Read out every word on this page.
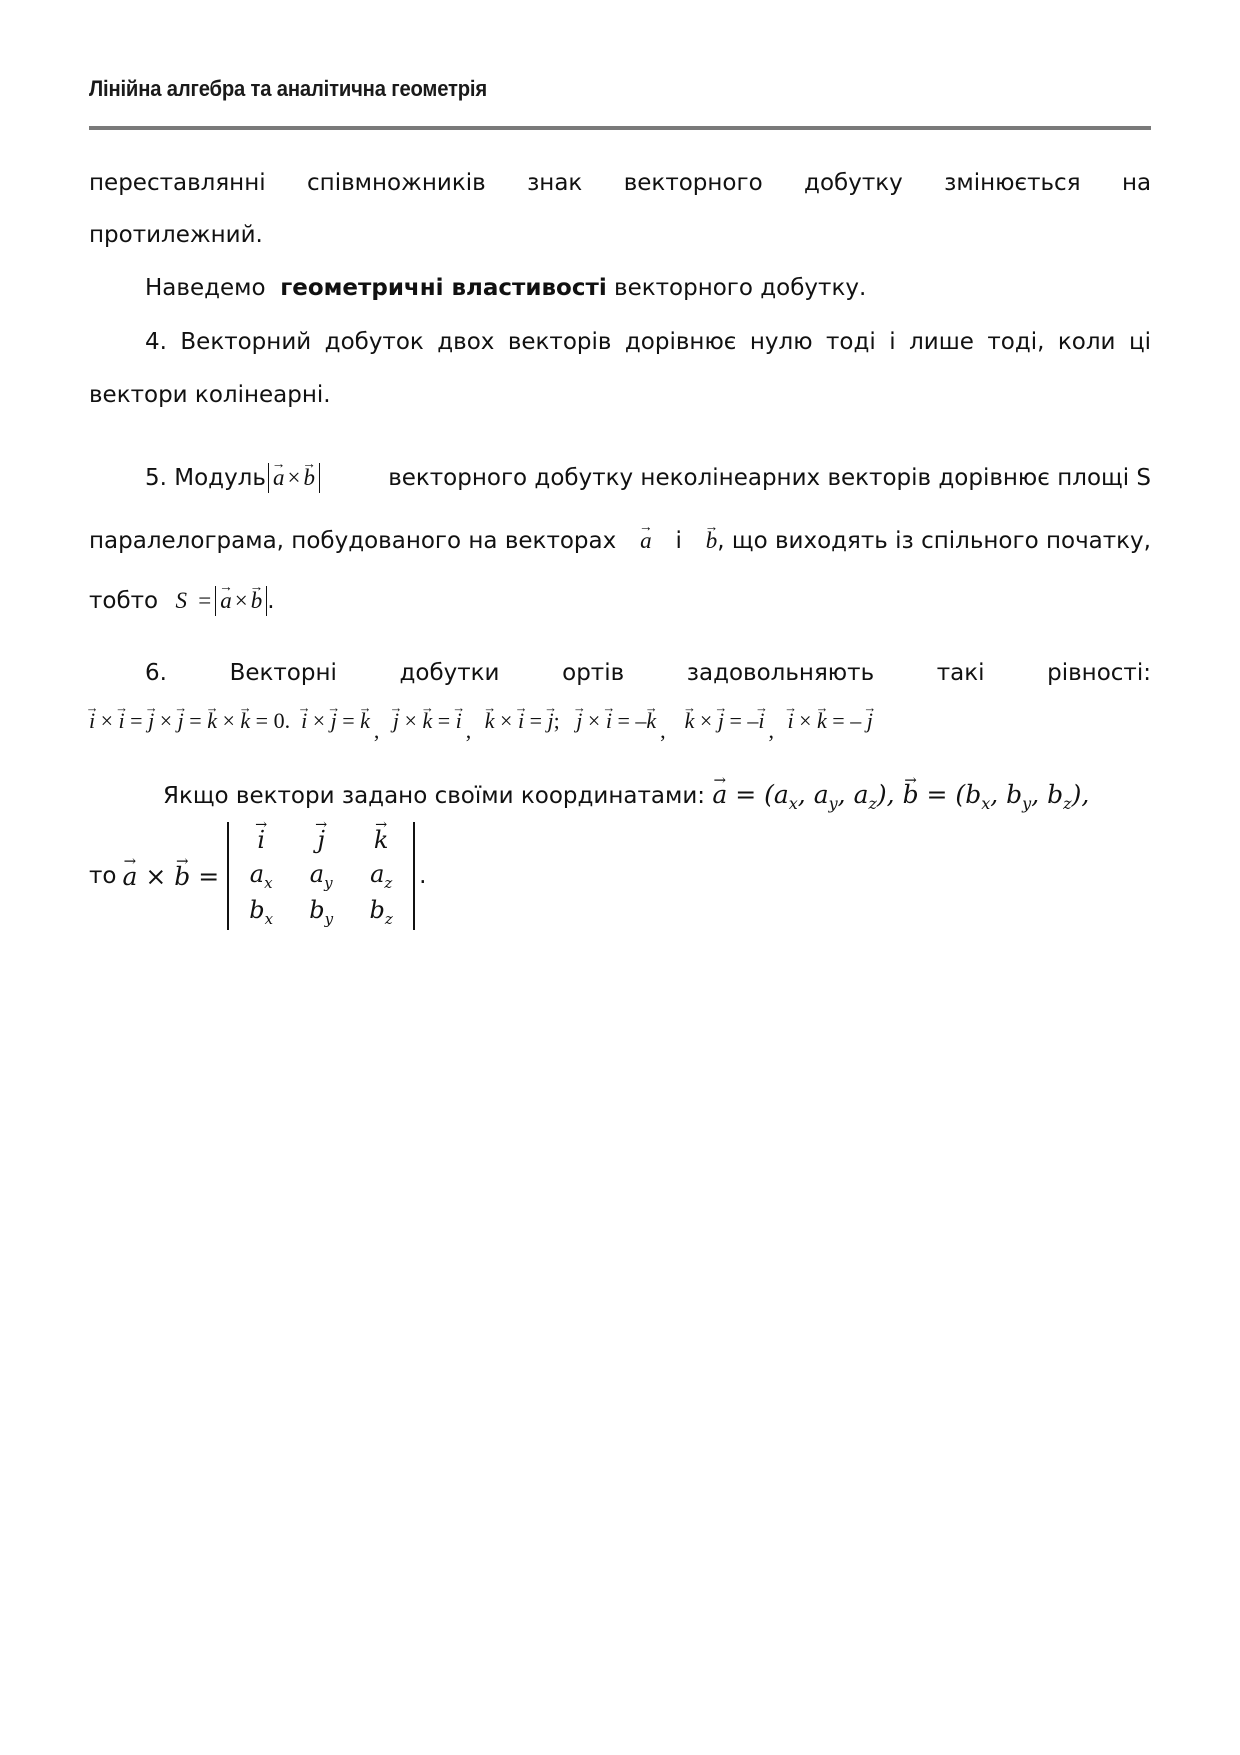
Лінійна алгебра та аналітична геометрія
переставлянні співмножників знак векторного добутку змінюється на
протилежний.
Наведемо геометричні властивості векторного добутку.
4. Векторний добуток двох векторів дорівнює нулю тоді і лише тоді, коли ці вектори колінеарні.
5. Модуль → a × → b	векторного добутку неколінеарних векторів дорівнює площі S
паралелограма, побудованого на векторах → a і → b, що виходять із спільного початку,
тобто S = → a × → b .
6.	Векторні	добутки	ортів	задовольняють	такі	рівності:
→ i × → i = → j × → j = → k × → k = 0. → i × → j = → k , → j × → k = → i , → k × → i = → j; → j × → i = –→ k , → k × → j = –→ i , → i × → k = – → j
Якщо вектори задано своїми координатами: → $a = (a_x$, $a_y$, $a_z$), → $b = (b_x$, $b_y$, $b_z$),
то → a × → b =
→ i	→ j	→ k
$a_x$	$a_y$	$a_z$
$b_x$	$b_y$	$b_z$
.
